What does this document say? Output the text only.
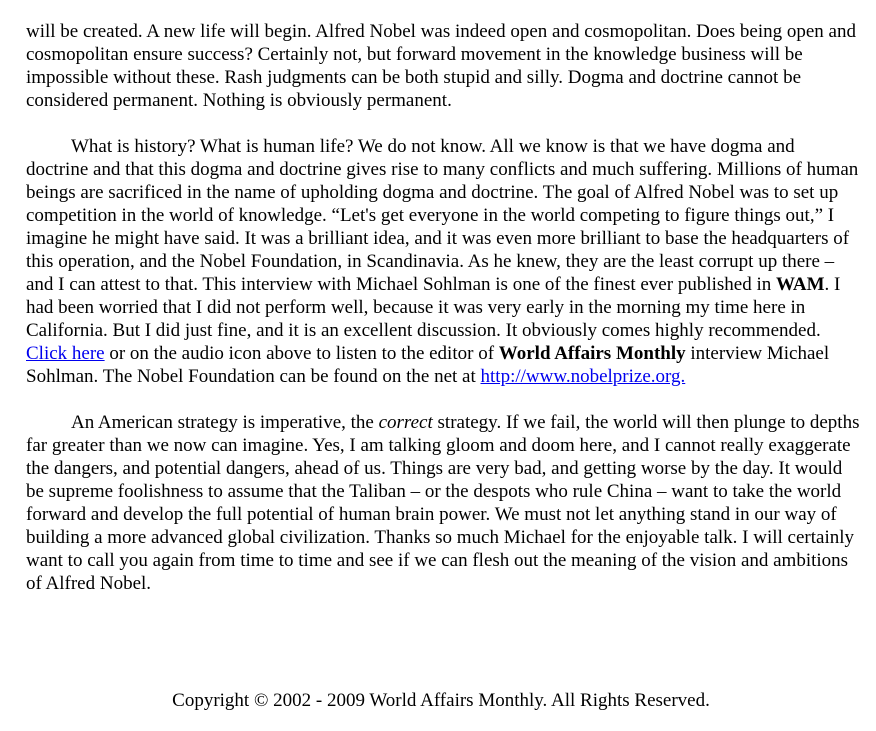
will be created. A new life will begin. Alfred Nobel was indeed open and cosmopolitan. Does being open and cosmopolitan ensure success? Certainly not, but forward movement in the knowledge business will be impossible without these. Rash judgments can be both stupid and silly. Dogma and doctrine cannot be considered permanent. Nothing is obviously permanent.

What is history? What is human life? We do not know. All we know is that we have dogma and doctrine and that this dogma and doctrine gives rise to many conflicts and much suffering. Millions of human beings are sacrificed in the name of upholding dogma and doctrine. The goal of Alfred Nobel was to set up competition in the world of knowledge. “Let's get everyone in the world competing to figure things out,” I imagine he might have said. It was a brilliant idea, and it was even more brilliant to base the headquarters of this operation, and the Nobel Foundation, in Scandinavia. As he knew, they are the least corrupt up there – and I can attest to that. This interview with Michael Sohlman is one of the finest ever published in WAM. I had been worried that I did not perform well, because it was very early in the morning my time here in California. But I did just fine, and it is an excellent discussion. It obviously comes highly recommended. Click here or on the audio icon above to listen to the editor of World Affairs Monthly interview Michael Sohlman. The Nobel Foundation can be found on the net at http://www.nobelprize.org.

An American strategy is imperative, the correct strategy. If we fail, the world will then plunge to depths far greater than we now can imagine. Yes, I am talking gloom and doom here, and I cannot really exaggerate the dangers, and potential dangers, ahead of us. Things are very bad, and getting worse by the day. It would be supreme foolishness to assume that the Taliban – or the despots who rule China – want to take the world forward and develop the full potential of human brain power. We must not let anything stand in our way of building a more advanced global civilization. Thanks so much Michael for the enjoyable talk. I will certainly want to call you again from time to time and see if we can flesh out the meaning of the vision and ambitions of Alfred Nobel.

Copyright © 2002 - 2009 World Affairs Monthly. All Rights Reserved.
